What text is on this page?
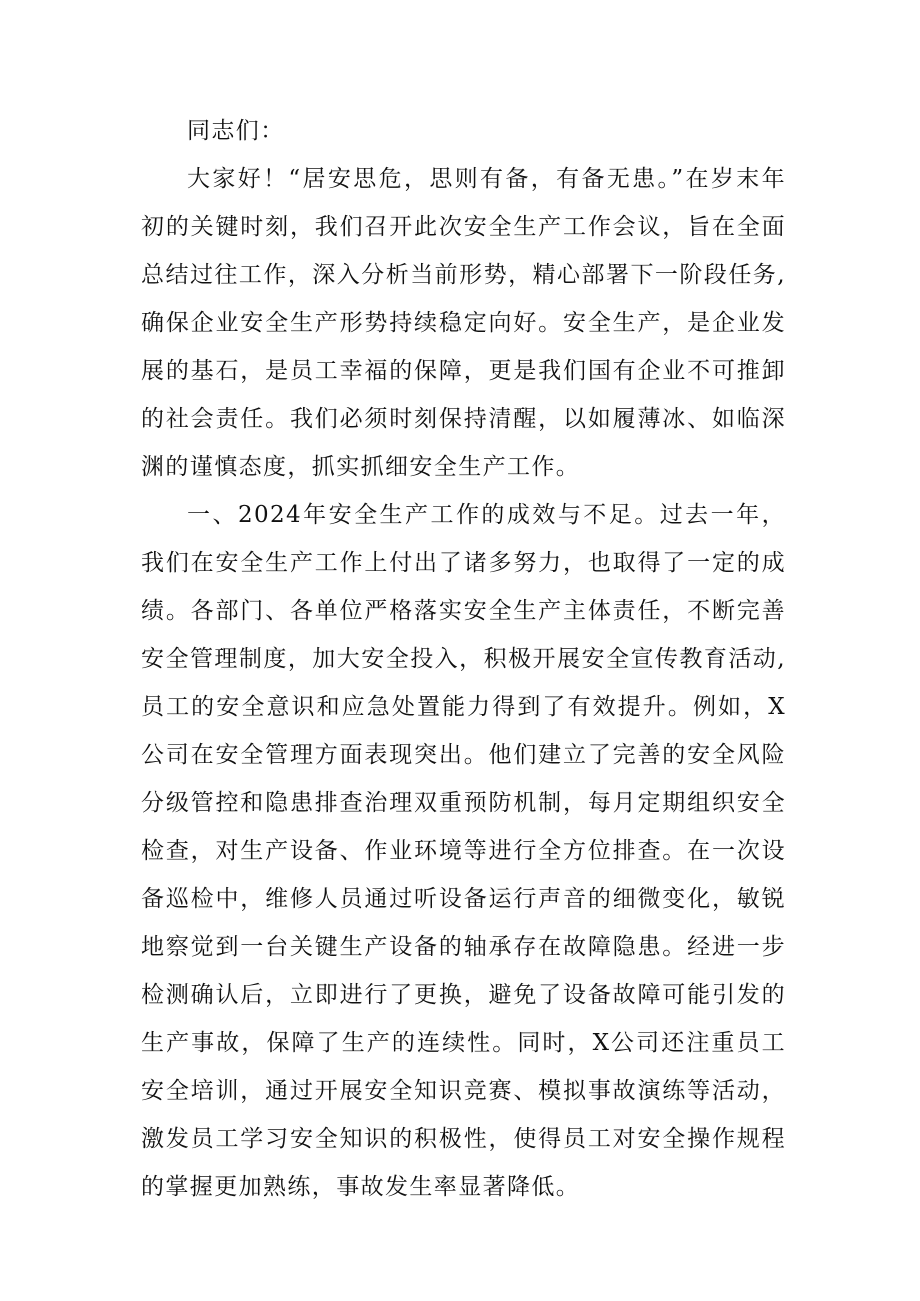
同志们：

大家好！“居安思危，思则有备，有备无患。”在岁末年初的关键时刻，我们召开此次安全生产工作会议，旨在全面总结过往工作，深入分析当前形势，精心部署下一阶段任务,确保企业安全生产形势持续稳定向好。安全生产，是企业发展的基石，是员工幸福的保障，更是我们国有企业不可推卸的社会责任。我们必须时刻保持清醒，以如履薄冰、如临深渊的谨慎态度，抓实抓细安全生产工作。

一、2024年安全生产工作的成效与不足。过去一年，我们在安全生产工作上付出了诸多努力，也取得了一定的成绩。各部门、各单位严格落实安全生产主体责任，不断完善安全管理制度，加大安全投入，积极开展安全宣传教育活动,员工的安全意识和应急处置能力得到了有效提升。例如，X公司在安全管理方面表现突出。他们建立了完善的安全风险分级管控和隐患排查治理双重预防机制，每月定期组织安全检查，对生产设备、作业环境等进行全方位排查。在一次设备巡检中，维修人员通过听设备运行声音的细微变化，敏锐地察觉到一台关键生产设备的轴承存在故障隐患。经进一步检测确认后，立即进行了更换，避免了设备故障可能引发的生产事故，保障了生产的连续性。同时，X公司还注重员工安全培训，通过开展安全知识竞赛、模拟事故演练等活动，激发员工学习安全知识的积极性，使得员工对安全操作规程的掌握更加熟练，事故发生率显著降低。
